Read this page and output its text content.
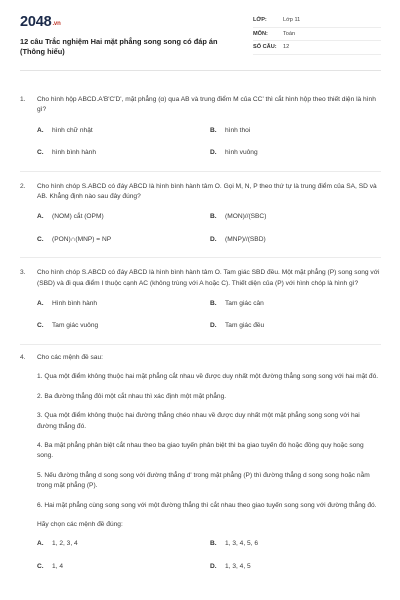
2048.vn
12 câu Trắc nghiệm Hai mặt phẳng song song có đáp án (Thông hiểu)
LỚP:	Lớp 11
MÔN:	Toán
SỐ CÂU:	12
1.	Cho hình hộp ABCD.A'B'C'D', mặt phẳng (α) qua AB và trung điểm M của CC' thì cắt hình hộp theo thiết diện là hình gì?
A.	hình chữ nhật	B.	hình thoi
C.	hình bình hành	D.	hình vuông
2.	Cho hình chóp S.ABCD có đáy ABCD là hình bình hành tâm O. Gọi M, N, P theo thứ tự là trung điểm của SA, SD và AB. Khẳng định nào sau đây đúng?
A.	(NOM) cắt (OPM)	B.	(MON)//(SBC)
C.	(PON)∩(MNP) = NP	D.	(MNP)//(SBD)
3.	Cho hình chóp S.ABCD có đáy ABCD là hình bình hành tâm O. Tam giác SBD đều. Một mặt phẳng (P) song song với (SBD) và đi qua điểm I thuộc cạnh AC (không trùng với A hoặc C). Thiết diện của (P) với hình chóp là hình gì?
A.	Hình bình hành	B.	Tam giác cân
C.	Tam giác vuông	D.	Tam giác đều
4.	Cho các mệnh đề sau:

1. Qua một điểm không thuộc hai mặt phẳng cắt nhau về được duy nhất một đường thẳng song song với hai mặt đó.

2. Ba đường thẳng đôi một cắt nhau thì xác định một mặt phẳng.

3. Qua một điểm không thuộc hai đường thẳng chéo nhau về được duy nhất một mặt phẳng song song với hai đường thẳng đó.

4. Ba mặt phẳng phân biệt cắt nhau theo ba giao tuyến phân biệt thì ba giao tuyến đó hoặc đồng quy hoặc song song.

5. Nếu đường thẳng d song song với đường thẳng d' trong mặt phẳng (P) thì đường thẳng d song song hoặc nằm trong mặt phẳng (P).

6. Hai mặt phẳng cùng song song với một đường thẳng thì cắt nhau theo giao tuyến song song với đường thẳng đó.

Hãy chọn các mệnh đề đúng:

A.	1, 2, 3, 4	B.	1, 3, 4, 5, 6
C.	1, 4	D.	1, 3, 4, 5
